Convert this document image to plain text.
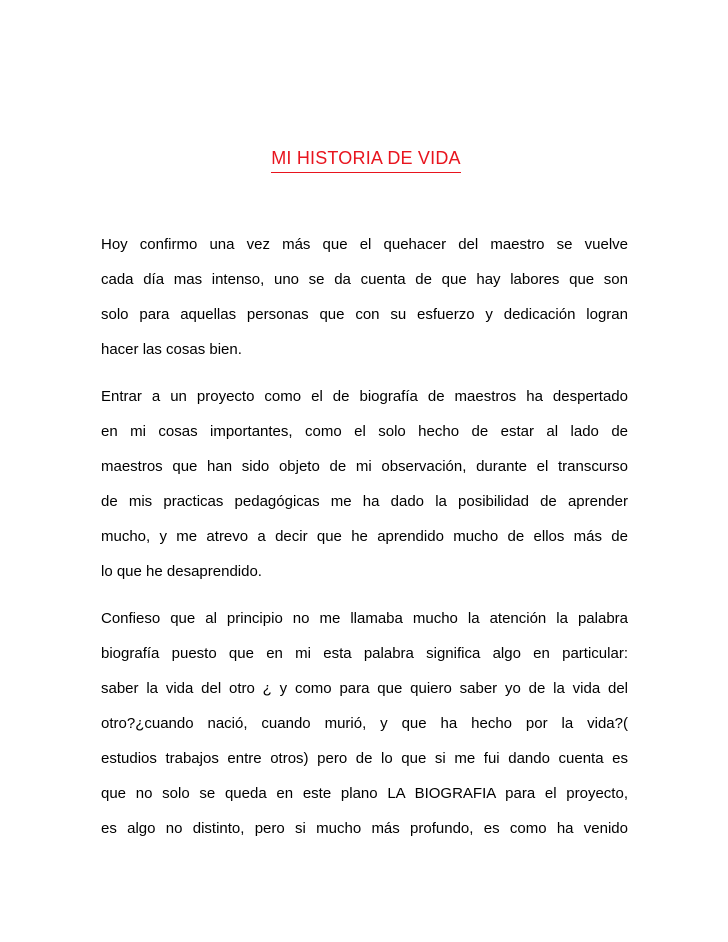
MI HISTORIA DE VIDA
Hoy confirmo una vez más que el quehacer del maestro se vuelve
cada día mas intenso, uno se da cuenta de que hay labores que son
solo para aquellas personas que con su esfuerzo y dedicación logran
hacer las cosas bien.
Entrar a un proyecto como el de biografía de maestros ha despertado
en mi cosas importantes, como el solo hecho de estar al lado de
maestros que han sido objeto de mi observación, durante el transcurso
de mis practicas pedagógicas me ha dado la posibilidad de aprender
mucho, y me atrevo a decir que he aprendido mucho de ellos más de
lo que he desaprendido.
Confieso que al principio no me llamaba mucho la atención la palabra
biografía puesto que en mi esta palabra significa algo en particular:
saber la vida del otro ¿ y como para que quiero saber yo de la vida del
otro?¿cuando nació, cuando murió, y que ha hecho por la vida?(
estudios trabajos entre otros) pero de lo que si me fui dando cuenta es
que no solo se queda en este plano LA BIOGRAFIA para el proyecto,
es algo no distinto, pero si mucho más profundo, es como ha venido
